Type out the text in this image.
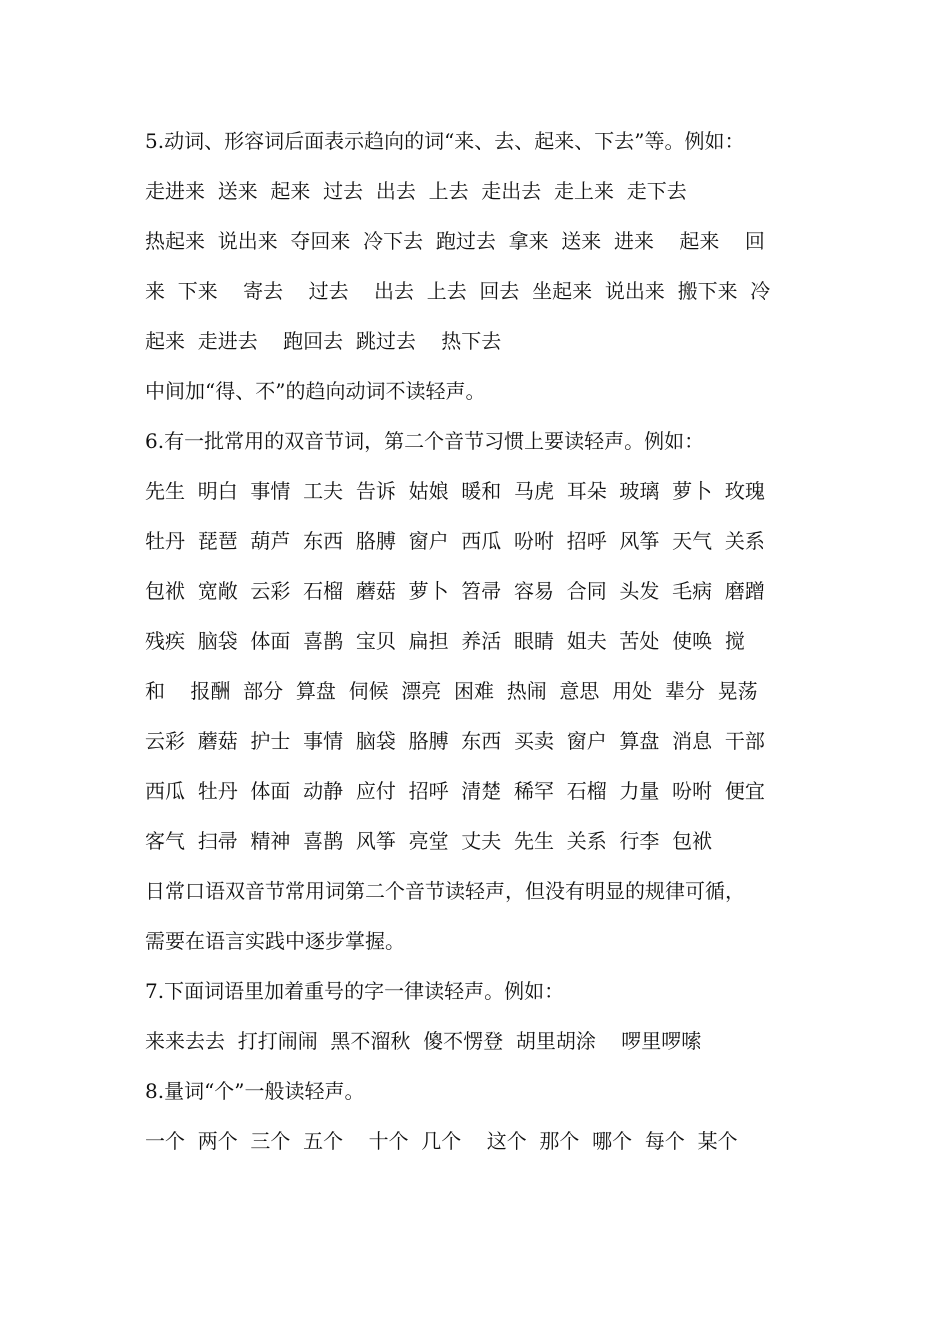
5.动词、形容词后面表示趋向的词“来、去、起来、下去”等。例如：

走进来  送来  起来  过去  出去  上去  走出去  走上来  走下去

热起来  说出来  夺回来  冷下去  跑过去  拿来  送来  进来    起来    回

来  下来    寄去    过去    出去  上去  回去  坐起来  说出来  搬下来  冷

起来  走进去    跑回去  跳过去    热下去

中间加“得、不”的趋向动词不读轻声。

6.有一批常用的双音节词，第二个音节习惯上要读轻声。例如：

先生  明白  事情  工夫  告诉  姑娘  暖和  马虎  耳朵  玻璃  萝卜  玫瑰

牡丹  琵琶  葫芦  东西  胳膊  窗户  西瓜  吩咐  招呼  风筝  天气  关系

包袱  宽敞  云彩  石榴  蘑菇  萝卜  笤帚  容易  合同  头发  毛病  磨蹭

残疾  脑袋  体面  喜鹊  宝贝  扁担  养活  眼睛  姐夫  苦处  使唤  搅

和    报酬  部分  算盘  伺候  漂亮  困难  热闹  意思  用处  辈分  晃荡

云彩  蘑菇  护士  事情  脑袋  胳膊  东西  买卖  窗户  算盘  消息  干部

西瓜  牡丹  体面  动静  应付  招呼  清楚  稀罕  石榴  力量  吩咐  便宜

客气  扫帚  精神  喜鹊  风筝  亮堂  丈夫  先生  关系  行李  包袱

日常口语双音节常用词第二个音节读轻声，但没有明显的规律可循，

需要在语言实践中逐步掌握。

7.下面词语里加着重号的字一律读轻声。例如：

来来去去  打打闹闹  黑不溜秋  傻不愣登  胡里胡涂    啰里啰嗦

8.量词“个”一般读轻声。

一个  两个  三个  五个    十个  几个    这个  那个  哪个  每个  某个
